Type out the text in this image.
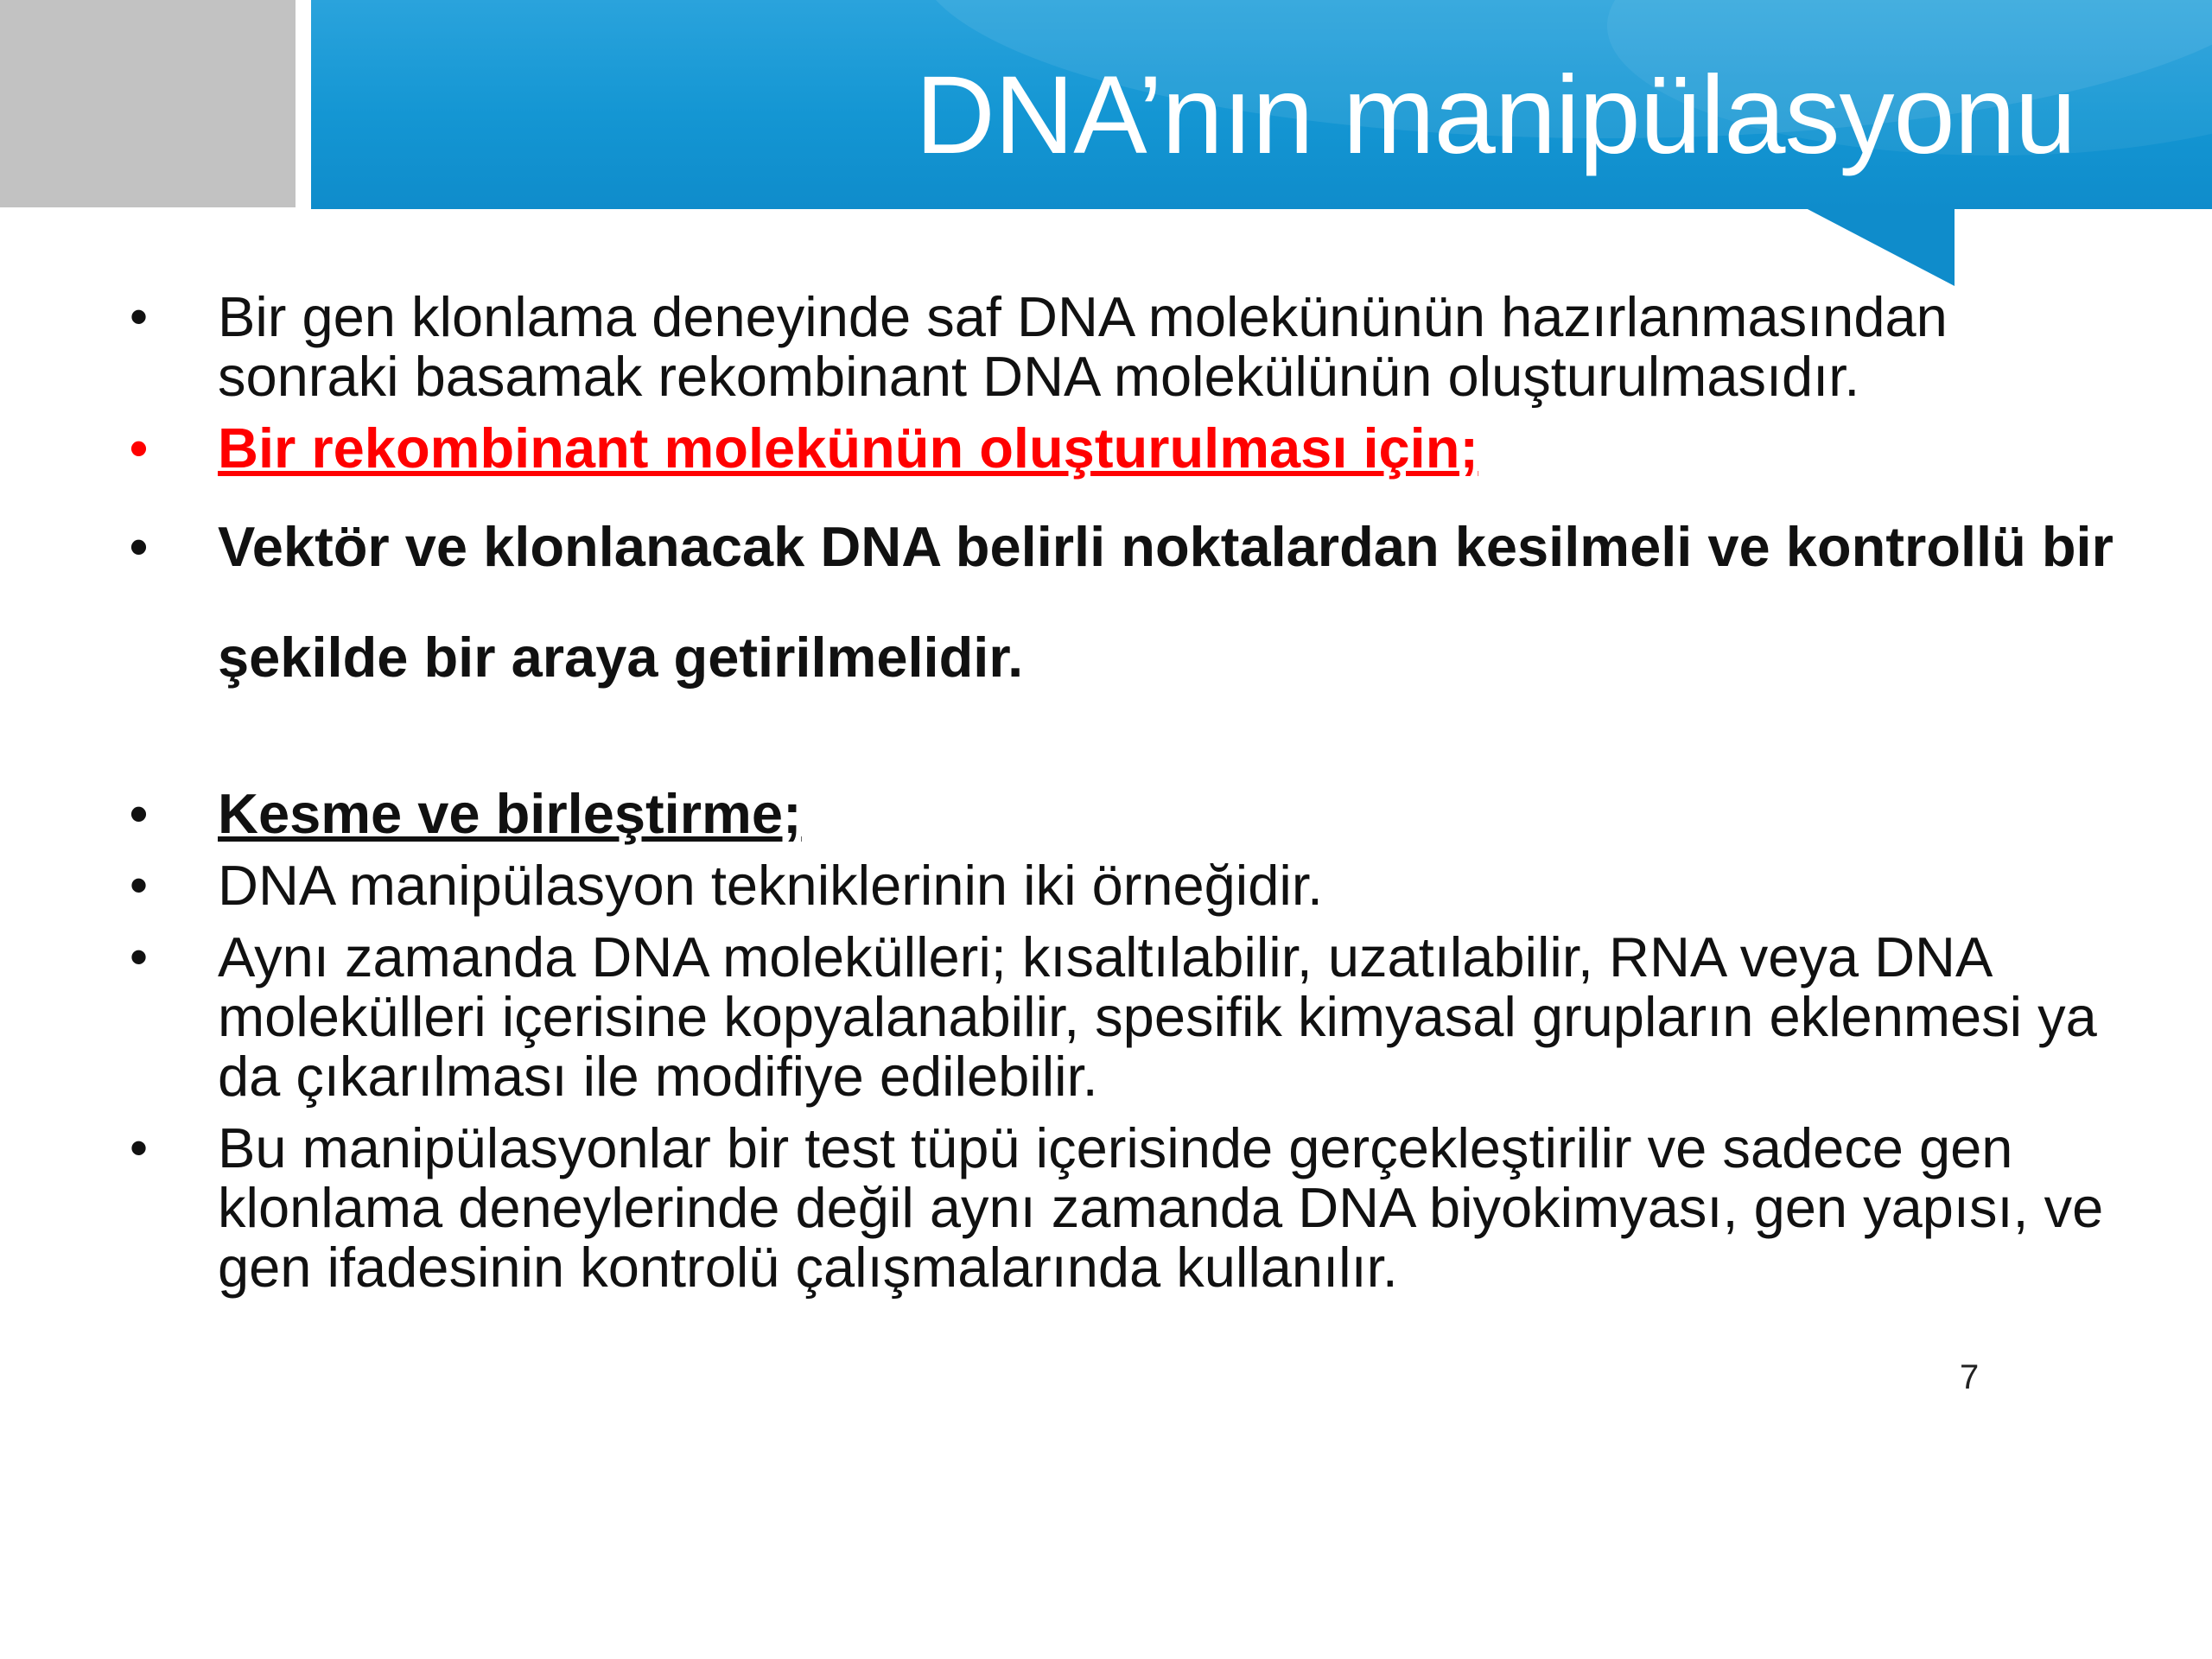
DNA’nın manipülasyonu
•	Bir gen klonlama deneyinde saf DNA molekününün hazırlanmasından sonraki basamak rekombinant DNA molekülünün oluşturulmasıdır.
•	Bir rekombinant molekünün oluşturulması için;
•	Vektör ve klonlanacak DNA belirli noktalardan kesilmeli ve kontrollü bir şekilde bir araya getirilmelidir.
•	Kesme ve birleştirme;
•	DNA manipülasyon tekniklerinin iki örneğidir.
•	Aynı zamanda DNA molekülleri; kısaltılabilir, uzatılabilir, RNA veya DNA molekülleri içerisine kopyalanabilir, spesifik kimyasal grupların eklenmesi ya da çıkarılması ile modifiye edilebilir.
•	Bu manipülasyonlar bir test tüpü içerisinde gerçekleştirilir ve sadece gen klonlama deneylerinde değil aynı zamanda DNA biyokimyası, gen yapısı, ve gen ifadesinin kontrolü çalışmalarında kullanılır.
7
